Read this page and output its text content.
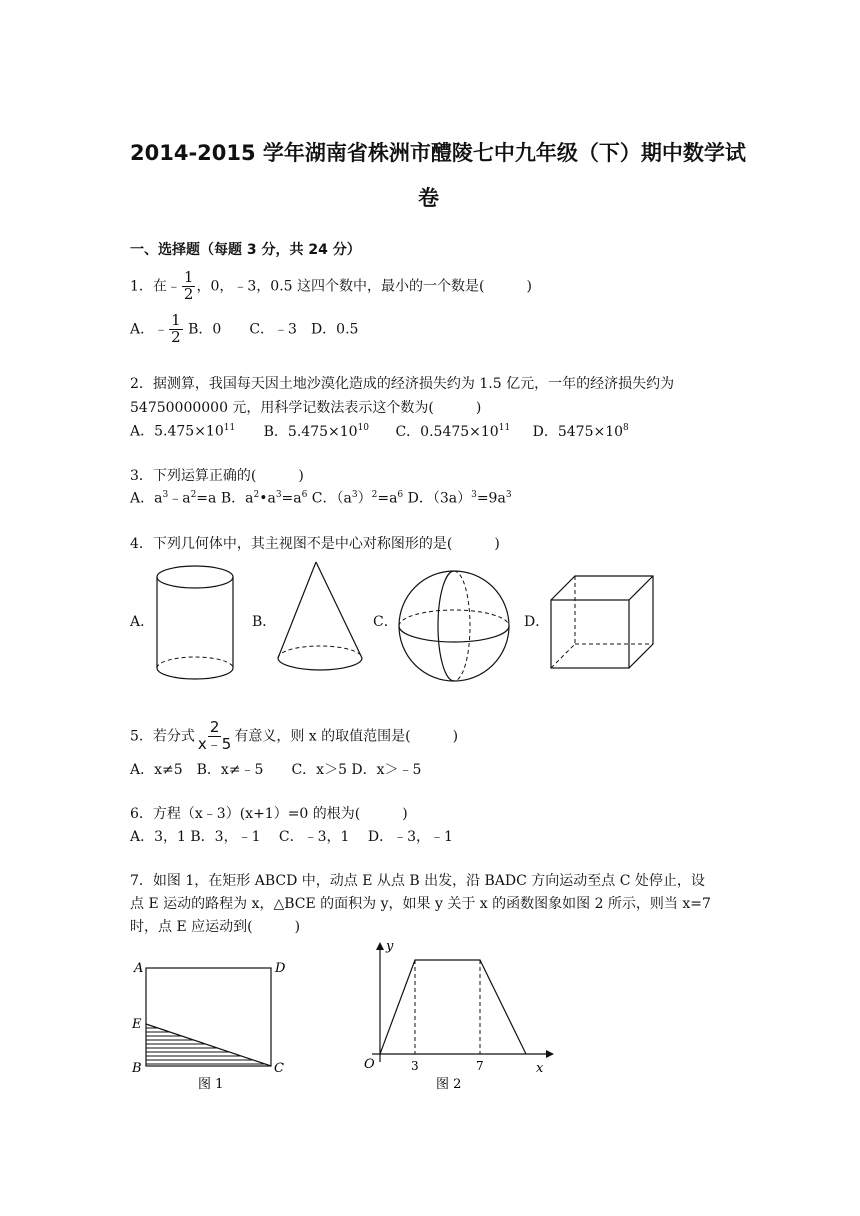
2014-2015 学年湖南省株洲市醴陵七中九年级（下）期中数学试
卷
一、选择题（每题 3 分，共 24 分）
1．在﹣ $\frac{1}{2}$ ，0，﹣3，0.5 这四个数中，最小的一个数是(　　　)
A．﹣ $\frac{1}{2}$ B．0　　C．﹣3　D．0.5
2．据测算，我国每天因土地沙漠化造成的经济损失约为 1.5 亿元，一年的经济损失约为
54750000000 元，用科学记数法表示这个数为(　　　)
A．$5.475\times 10^{11}$ B．$5.475\times 10^{10}$ C．$0.5475\times 10^{11}$ D．$5475\times 10^8$
3．下列运算正确的(　　　)
A．$a^3﹣a^2=a$ B．$a^2•a^3=a^6$ C．$(a^3)^2=a^6$ D．$(3a)^3=9a^3$
4．下列几何体中，其主视图不是中心对称图形的是(　　　)
A．	B．	C．	D．
5．若分式 $\frac{2}{x﹣5}$ 有意义，则 x 的取值范围是(　　　)
A．x≠5　B．x≠﹣5　　C．x＞5 D．x＞﹣5
6．方程（x﹣3）(x+1）=0 的根为(　　　)
A．3，1 B．3，﹣1　 C．﹣3，1　 D．﹣3，﹣1
7．如图 1，在矩形 ABCD 中，动点 E 从点 B 出发，沿 BADC 方向运动至点 C 处停止，设
点 E 运动的路程为 x，△BCE 的面积为 y，如果 y 关于 x 的函数图象如图 2 所示，则当 x=7
时，点 E 应运动到(　　　)
A	D
E
B	C
图 1
y
O	3	7	x
图 2
